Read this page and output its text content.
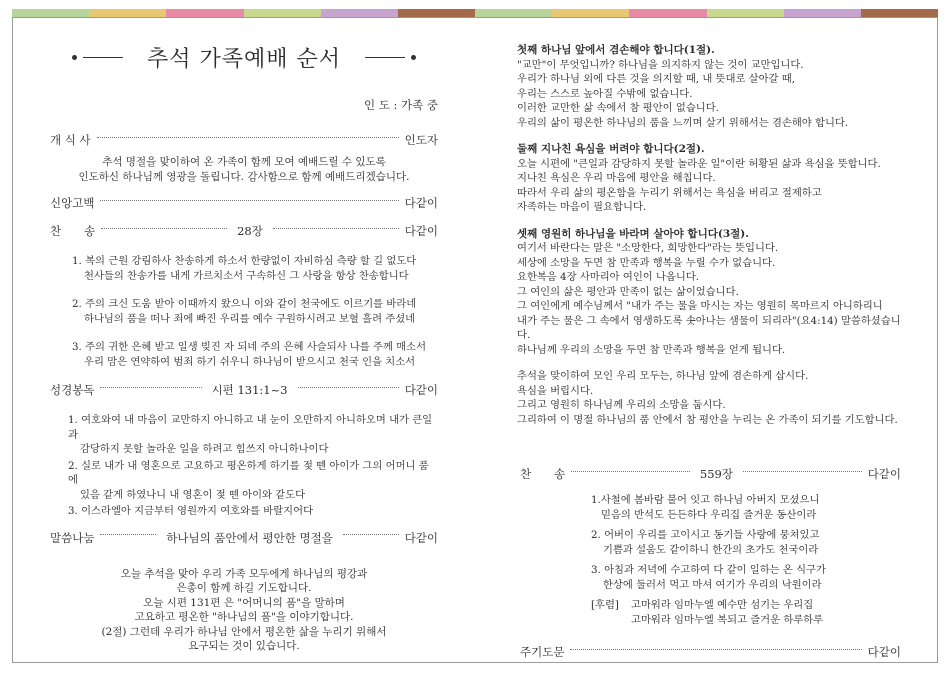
추석 가족예배 순서
인 도 : 가족 중
개 식 사	인도자
추석 명절을 맞이하여 온 가족이 함께 모여 예배드릴 수 있도록
인도하신 하나님께 영광을 돌립니다. 감사함으로 함께 예배드리겠습니다.
신앙고백	다같이
찬　　송	28장	다같이
1. 복의 근원 강림하사 찬송하게 하소서 한량없이 자비하심 측량 할 길 없도다
천사들의 찬송가를 내게 가르치소서 구속하신 그 사랑을 항상 찬송합니다
2. 주의 크신 도움 받아 이때까지 왔으니 이와 같이 천국에도 이르기를 바라네
하나님의 품을 떠나 죄에 빠진 우리를 예수 구원하시려고 보혈 흘려 주셨네
3. 주의 귀한 은혜 받고 일생 빚진 자 되네 주의 은혜 사슬되사 나를 주께 매소서
우리 맘은 연약하여 범죄 하기 쉬우니 하나님이 받으시고 천국 인을 치소서
성경봉독	시편 131:1~3	다같이
1. 여호와여 내 마음이 교만하지 아니하고 내 눈이 오만하지 아니하오며 내가 큰일과
감당하지 못할 놀라운 일을 하려고 힘쓰지 아니하나이다
2. 실로 내가 내 영혼으로 고요하고 평온하게 하기를 젖 뗀 아이가 그의 어머니 품에
있음 같게 하였나니 내 영혼이 젖 뗀 아이와 같도다
3. 이스라엘아 지금부터 영원까지 여호와를 바랄지어다
말씀나눔	하나님의 품안에서 평안한 명절을	다같이
오늘 추석을 맞아 우리 가족 모두에게 하나님의 평강과
은총이 함께 하길 기도합니다.
오늘 시편 131편 은 "어머니의 품"을 말하며
고요하고 평온한 "하나님의 품"을 이야기합니다.
(2절) 그런데 우리가 하나님 안에서 평온한 삶을 누리기 위해서
요구되는 것이 있습니다.
첫째 하나님 앞에서 겸손해야 합니다(1절).
"교만"이 무엇입니까? 하나님을 의지하지 않는 것이 교만입니다.
우리가 하나님 외에 다른 것을 의지할 때, 내 뜻대로 살아갈 때,
우리는 스스로 높아질 수밖에 없습니다.
이러한 교만한 삶 속에서 참 평안이 없습니다.
우리의 삶이 평온한 하나님의 품을 느끼며 살기 위해서는 겸손해야 합니다.
둘째 지나친 욕심을 버려야 합니다(2절).
오늘 시편에 "큰일과 감당하지 못할 놀라운 일"이란 허황된 삶과 욕심을 뜻합니다.
지나친 욕심은 우리 마음에 평안을 해칩니다.
따라서 우리 삶의 평온함을 누리기 위해서는 욕심을 버리고 절제하고
자족하는 마음이 필요합니다.
셋째 영원히 하나님을 바라며 살아야 합니다(3절).
여기서 바란다는 말은 "소망한다, 희망한다"라는 뜻입니다.
세상에 소망을 두면 참 만족과 행복을 누릴 수가 없습니다.
요한복음 4장 사마리아 여인이 나옵니다.
그 여인의 삶은 평안과 만족이 없는 삶이었습니다.
그 여인에게 예수님께서 "내가 주는 물을 마시는 자는 영원히 목마르지 아니하리니
내가 주는 물은 그 속에서 영생하도록 솟아나는 샘물이 되리라"(요4:14) 말씀하셨습니다.
하나님께 우리의 소망을 두면 참 만족과 행복을 얻게 됩니다.
추석을 맞이하여 모인 우리 모두는, 하나님 앞에 겸손하게 삽시다.
욕심을 버립시다.
그리고 영원히 하나님께 우리의 소망을 둡시다.
그리하여 이 명절 하나님의 품 안에서 참 평안을 누리는 온 가족이 되기를 기도합니다.
찬　　송	559장	다같이
1.사철에 봄바람 불어 잇고 하나님 아버지 모셨으니
믿음의 반석도 든든하다 우리집 즐거운 동산이라
2. 어버이 우리를 고이시고 동기들 사랑에 뭉쳐있고
기쁨과 설움도 같이하니 한간의 초가도 천국이라
3. 아침과 저녁에 수고하여 다 같이 일하는 온 식구가
한상에 둘러서 먹고 마셔 여기가 우리의 낙원이라
[후렴]	고마워라 임마누엘 예수만 섬기는 우리집
고마워라 임마누엘 복되고 즐거운 하루하루
주기도문	다같이
